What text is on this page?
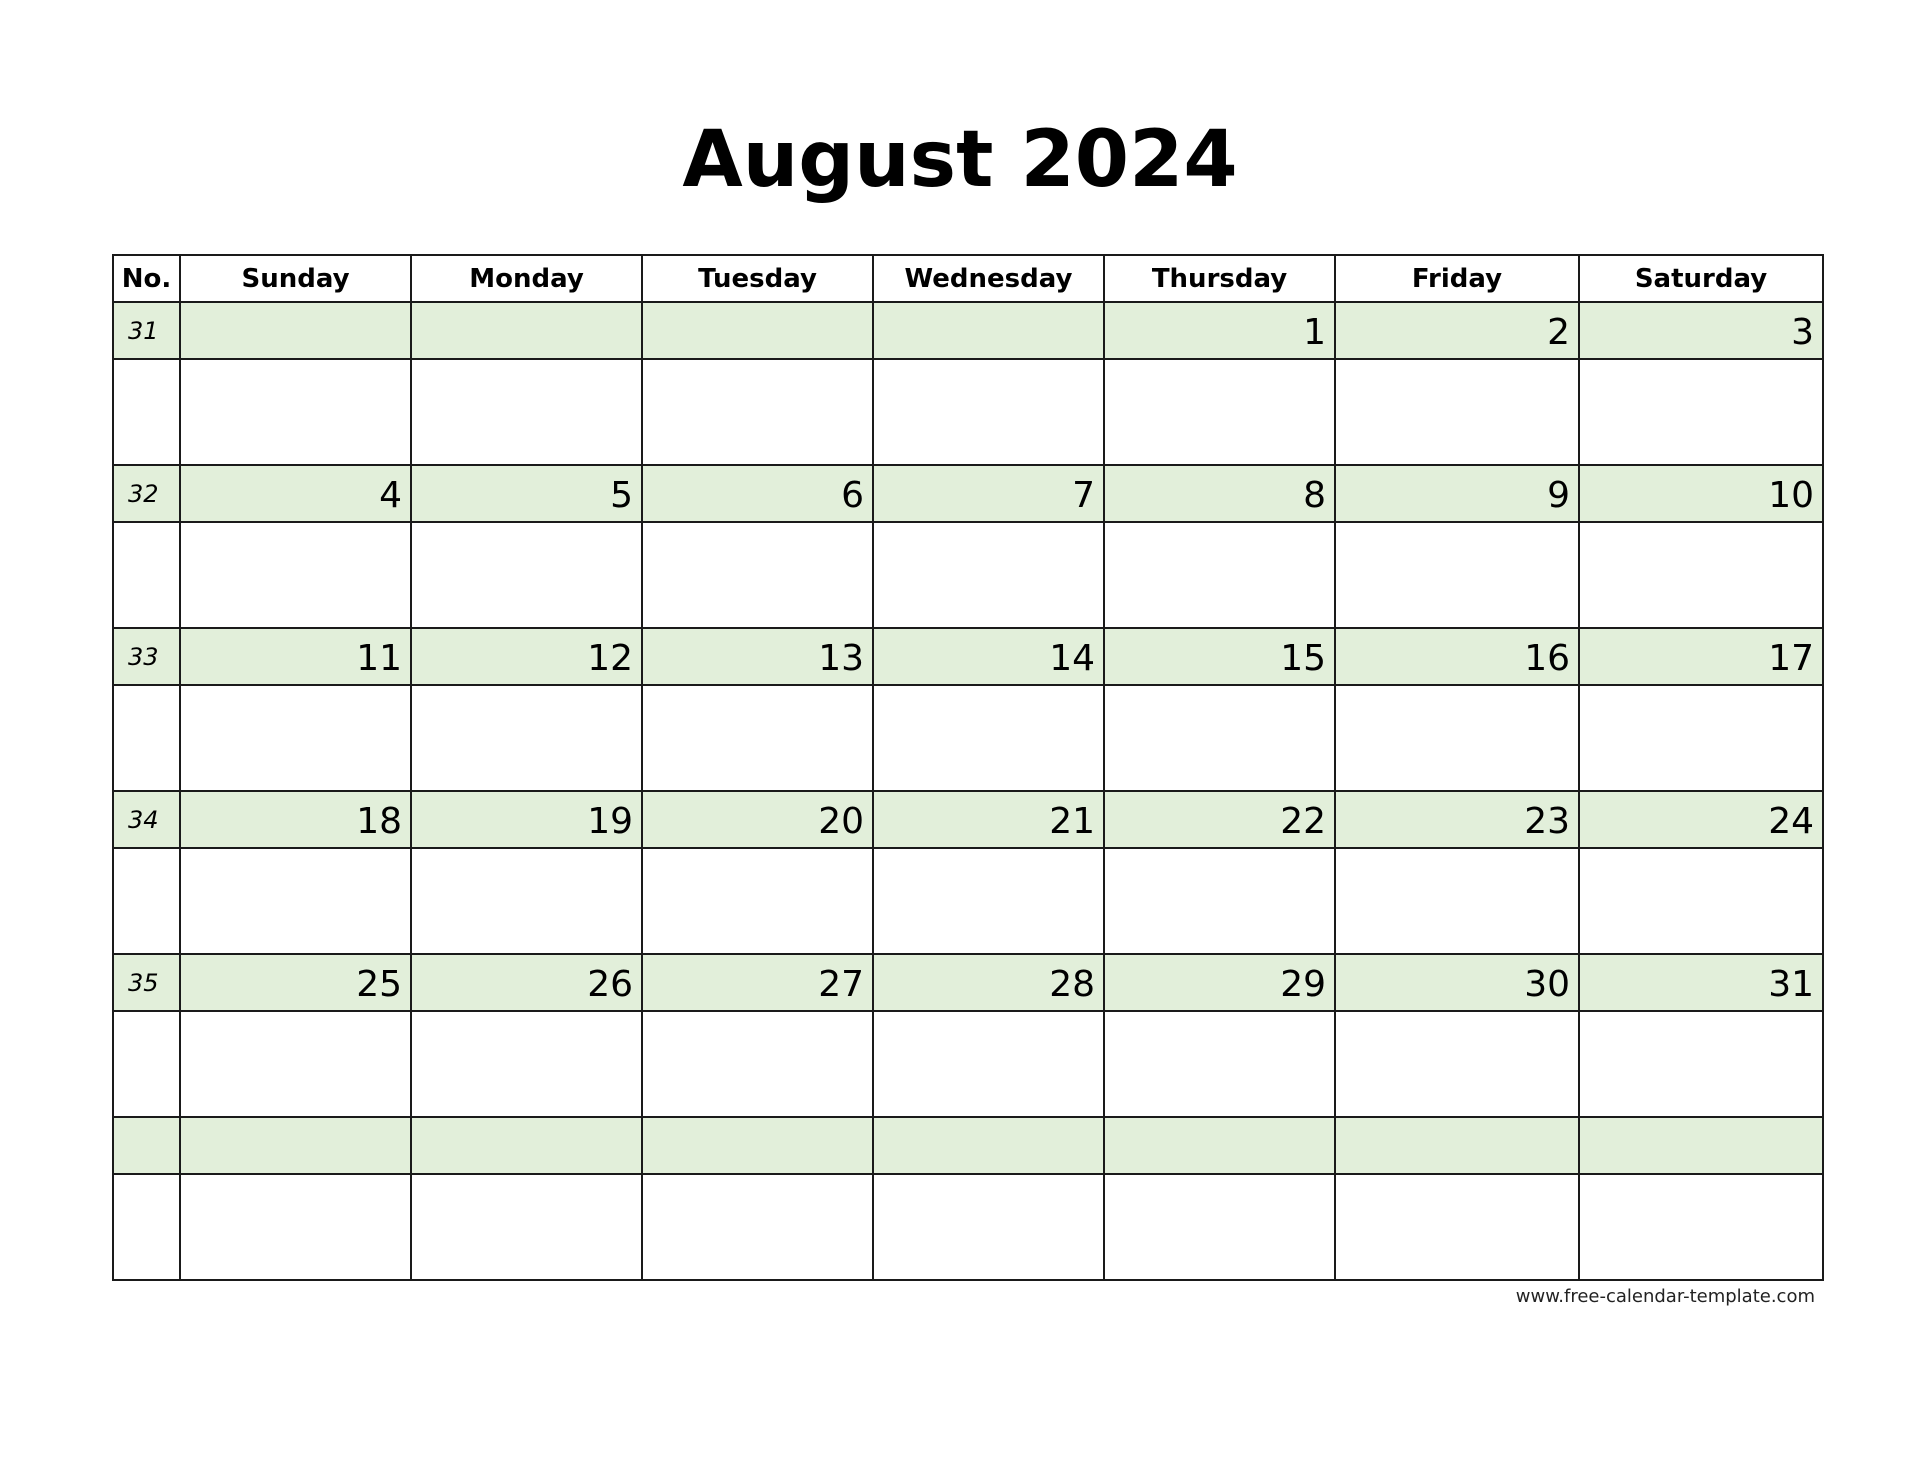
August 2024
No.	Sunday	Monday	Tuesday	Wednesday	Thursday	Friday	Saturday
31					1	2	3

32	4	5	6	7	8	9	10

33	11	12	13	14	15	16	17

34	18	19	20	21	22	23	24

35	25	26	27	28	29	30	31

www.free-calendar-template.com
